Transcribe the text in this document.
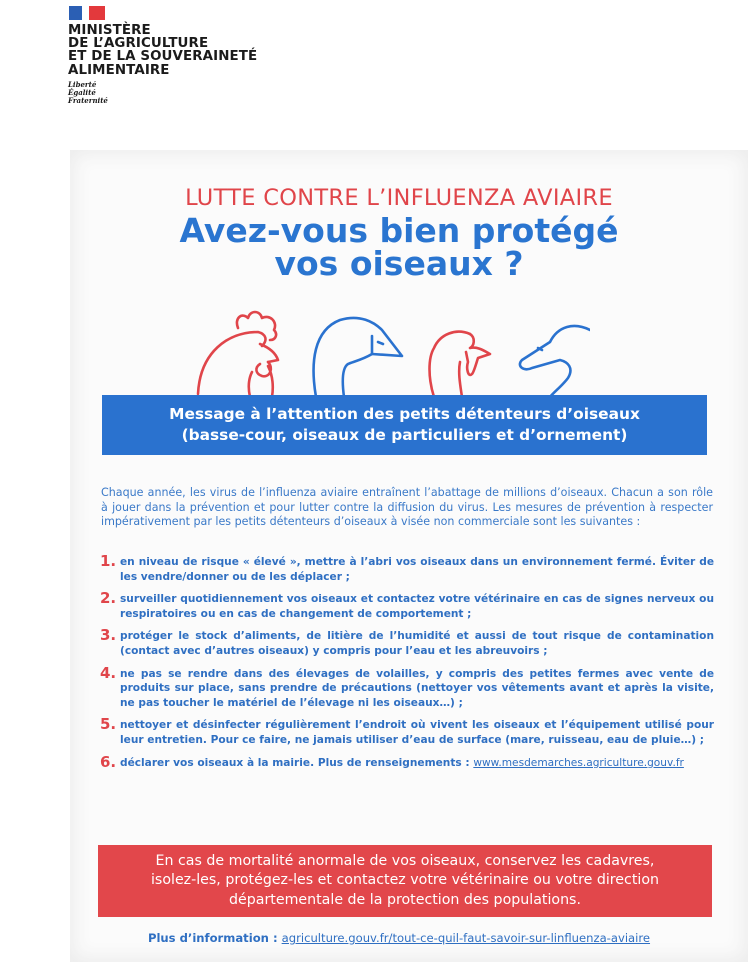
MINISTÈRE
DE L’AGRICULTURE
ET DE LA SOUVERAINETÉ
ALIMENTAIRE
Liberté
Égalité
Fraternité
LUTTE CONTRE L’INFLUENZA AVIAIRE
Avez-vous bien protégé
vos oiseaux ?
Message à l’attention des petits détenteurs d’oiseaux
(basse-cour, oiseaux de particuliers et d’ornement)
Chaque année, les virus de l’influenza aviaire entraînent l’abattage de millions d’oiseaux. Chacun a son rôle à jouer dans la prévention et pour lutter contre la diffusion du virus. Les mesures de prévention à respecter impérativement par les petits détenteurs d’oiseaux à visée non commerciale sont les suivantes :
1. en niveau de risque « élevé », mettre à l’abri vos oiseaux dans un environnement fermé. Éviter de les vendre/donner ou de les déplacer ;
2. surveiller quotidiennement vos oiseaux et contactez votre vétérinaire en cas de signes nerveux ou respiratoires ou en cas de changement de comportement ;
3. protéger le stock d’aliments, de litière de l’humidité et aussi de tout risque de contamination (contact avec d’autres oiseaux) y compris pour l’eau et les abreuvoirs ;
4. ne pas se rendre dans des élevages de volailles, y compris des petites fermes avec vente de produits sur place, sans prendre de précautions (nettoyer vos vêtements avant et après la visite, ne pas toucher le matériel de l’élevage ni les oiseaux…) ;
5. nettoyer et désinfecter régulièrement l’endroit où vivent les oiseaux et l’équipement utilisé pour leur entretien. Pour ce faire, ne jamais utiliser d’eau de surface (mare, ruisseau, eau de pluie…) ;
6. déclarer vos oiseaux à la mairie. Plus de renseignements : www.mesdemarches.agriculture.gouv.fr
En cas de mortalité anormale de vos oiseaux, conservez les cadavres,
isolez-les, protégez-les et contactez votre vétérinaire ou votre direction
départementale de la protection des populations.
Plus d’information : agriculture.gouv.fr/tout-ce-quil-faut-savoir-sur-linfluenza-aviaire
